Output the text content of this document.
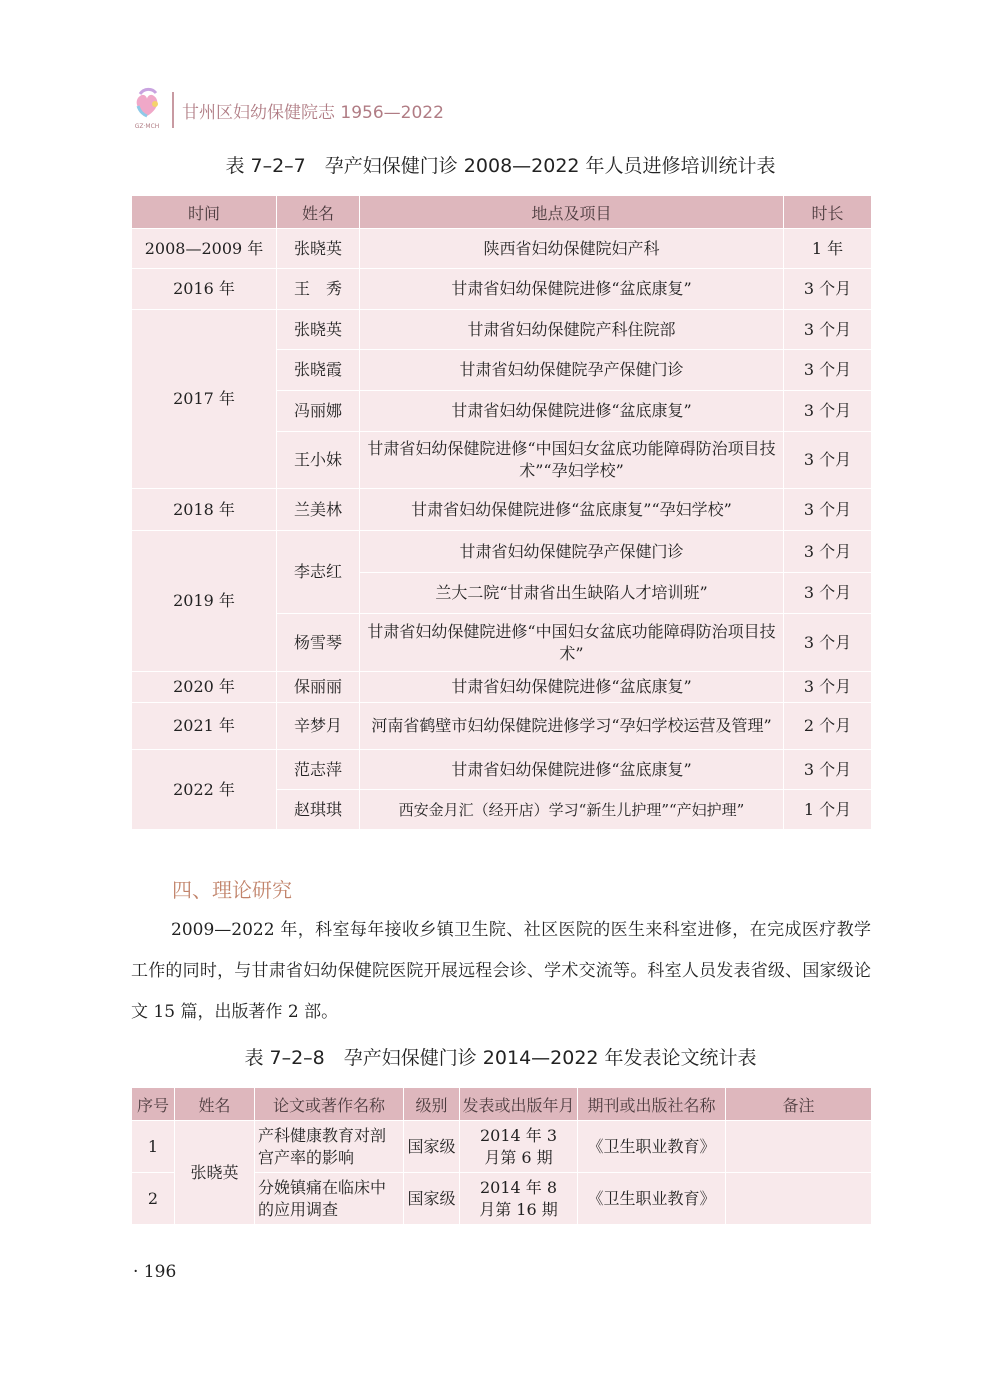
GZ·MCH
甘州区妇幼保健院志 1956—2022
表 7–2–7　孕产妇保健门诊 2008—2022 年人员进修培训统计表
时间	姓名	地点及项目	时长
2008—2009 年	张晓英	陕西省妇幼保健院妇产科	1 年
2016 年	王　秀	甘肃省妇幼保健院进修“盆底康复”	3 个月
2017 年	张晓英	甘肃省妇幼保健院产科住院部	3 个月
	张晓霞	甘肃省妇幼保健院孕产保健门诊	3 个月
	冯丽娜	甘肃省妇幼保健院进修“盆底康复”	3 个月
	王小妹	甘肃省妇幼保健院进修“中国妇女盆底功能障碍防治项目技术”“孕妇学校”	3 个月
2018 年	兰美林	甘肃省妇幼保健院进修“盆底康复”“孕妇学校”	3 个月
2019 年	李志红	甘肃省妇幼保健院孕产保健门诊	3 个月
		兰大二院“甘肃省出生缺陷人才培训班”	3 个月
	杨雪琴	甘肃省妇幼保健院进修“中国妇女盆底功能障碍防治项目技术”	3 个月
2020 年	保丽丽	甘肃省妇幼保健院进修“盆底康复”	3 个月
2021 年	辛梦月	河南省鹤壁市妇幼保健院进修学习“孕妇学校运营及管理”	2 个月
2022 年	范志萍	甘肃省妇幼保健院进修“盆底康复”	3 个月
	赵琪琪	西安金月汇（经开店）学习“新生儿护理”“产妇护理”	1 个月
四、理论研究
2009—2022 年，科室每年接收乡镇卫生院、社区医院的医生来科室进修，在完成医疗教学工作的同时，与甘肃省妇幼保健院医院开展远程会诊、学术交流等。科室人员发表省级、国家级论文 15 篇，出版著作 2 部。
表 7–2–8　孕产妇保健门诊 2014—2022 年发表论文统计表
序号	姓名	论文或著作名称	级别	发表或出版年月	期刊或出版社名称	备注
1	张晓英	产科健康教育对剖宫产率的影响	国家级	2014 年 3 月第 6 期	《卫生职业教育》	
2		分娩镇痛在临床中的应用调查	国家级	2014 年 8 月第 16 期	《卫生职业教育》	
· 196
